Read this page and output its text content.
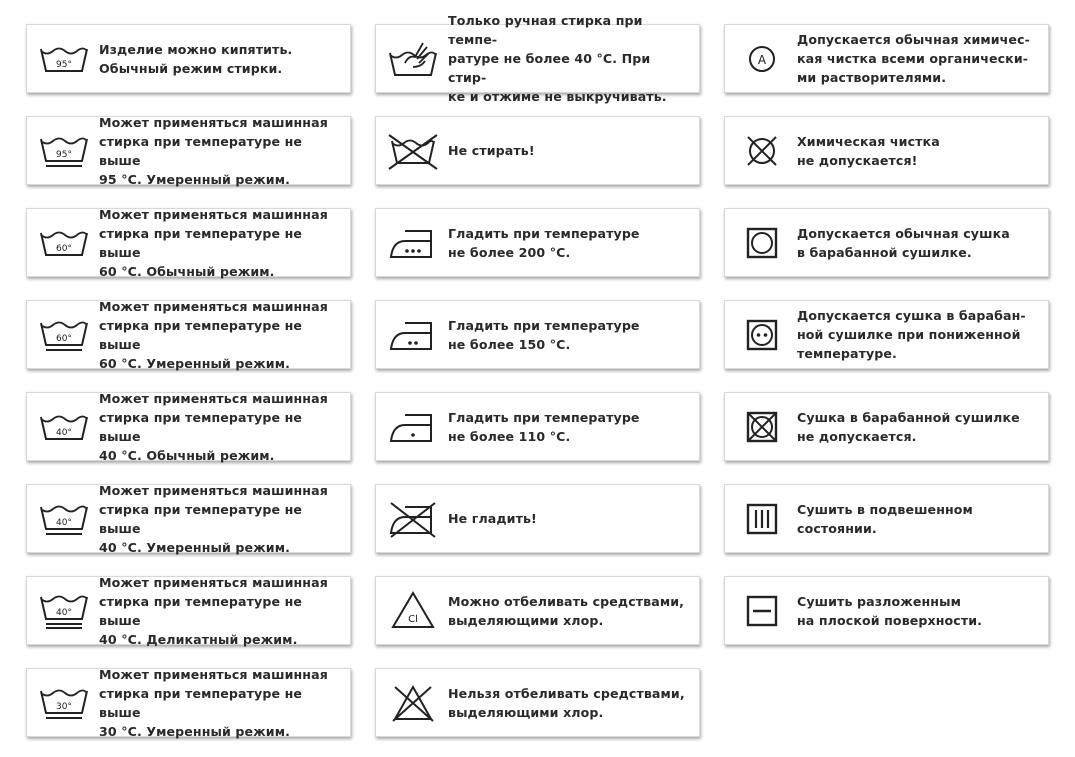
95°
Изделие можно кипятить.
Обычный режим стирки.
Только ручная стирка при темпе-
ратуре не более 40 °С. При стир-
ке и отжиме не выкручивать.
A
Допускается обычная химичес-
кая чистка всеми органически-
ми растворителями.
95°
Может применяться машинная
стирка при температуре не выше
95 °С. Умеренный режим.
Не стирать!
Химическая чистка
не допускается!
60°
Может применяться машинная
стирка при температуре не выше
60 °С. Обычный режим.
Гладить при температуре
не более 200 °С.
Допускается обычная сушка
в барабанной сушилке.
60°
Может применяться машинная
стирка при температуре не выше
60 °С. Умеренный режим.
Гладить при температуре
не более 150 °С.
Допускается сушка в барабан-
ной сушилке при пониженной
температуре.
40°
Может применяться машинная
стирка при температуре не выше
40 °С. Обычный режим.
Гладить при температуре
не более 110 °С.
Сушка в барабанной сушилке
не допускается.
40°
Может применяться машинная
стирка при температуре не выше
40 °С. Умеренный режим.
Не гладить!
Сушить в подвешенном
состоянии.
40°
Может применяться машинная
стирка при температуре не выше
40 °С. Деликатный режим.
Cl
Можно отбеливать средствами,
выделяющими хлор.
Сушить разложенным
на плоской поверхности.
30°
Может применяться машинная
стирка при температуре не выше
30 °С. Умеренный режим.
Нельзя отбеливать средствами,
выделяющими хлор.
